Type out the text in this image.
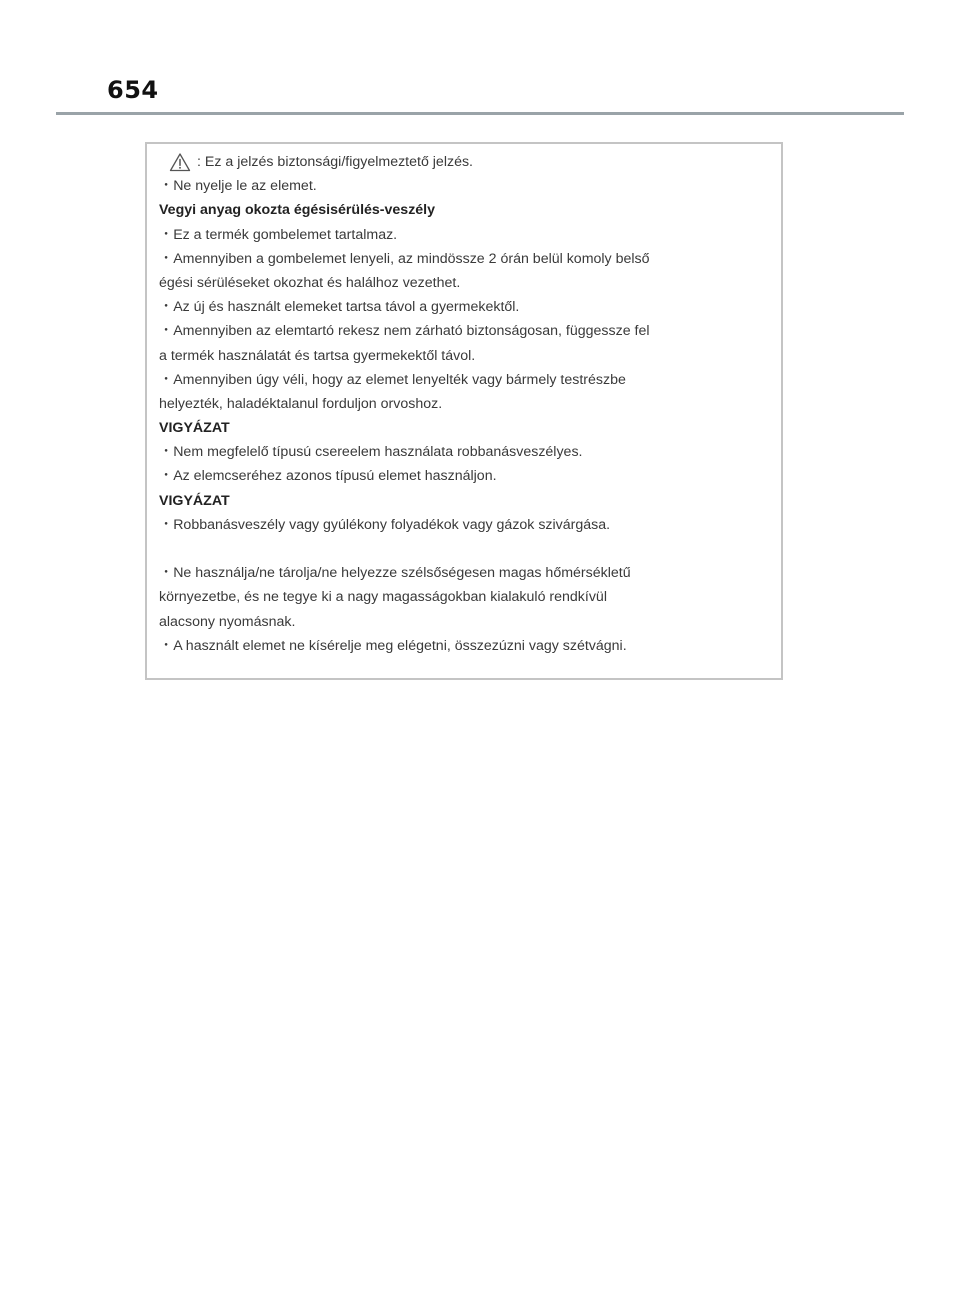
654
: Ez a jelzés biztonsági/figyelmeztető jelzés.
・Ne nyelje le az elemet.
Vegyi anyag okozta égésisérülés-veszély
・Ez a termék gombelemet tartalmaz.
・Amennyiben a gombelemet lenyeli, az mindössze 2 órán belül komoly belső
égési sérüléseket okozhat és halálhoz vezethet.
・Az új és használt elemeket tartsa távol a gyermekektől.
・Amennyiben az elemtartó rekesz nem zárható biztonságosan, függessze fel
a termék használatát és tartsa gyermekektől távol.
・Amennyiben úgy véli, hogy az elemet lenyelték vagy bármely testrészbe
helyezték, haladéktalanul forduljon orvoshoz.
VIGYÁZAT
・Nem megfelelő típusú csereelem használata robbanásveszélyes.
・Az elemcseréhez azonos típusú elemet használjon.
VIGYÁZAT
・Robbanásveszély vagy gyúlékony folyadékok vagy gázok szivárgása.
・Ne használja/ne tárolja/ne helyezze szélsőségesen magas hőmérsékletű
környezetbe, és ne tegye ki a nagy magasságokban kialakuló rendkívül
alacsony nyomásnak.
・A használt elemet ne kísérelje meg elégetni, összezúzni vagy szétvágni.
